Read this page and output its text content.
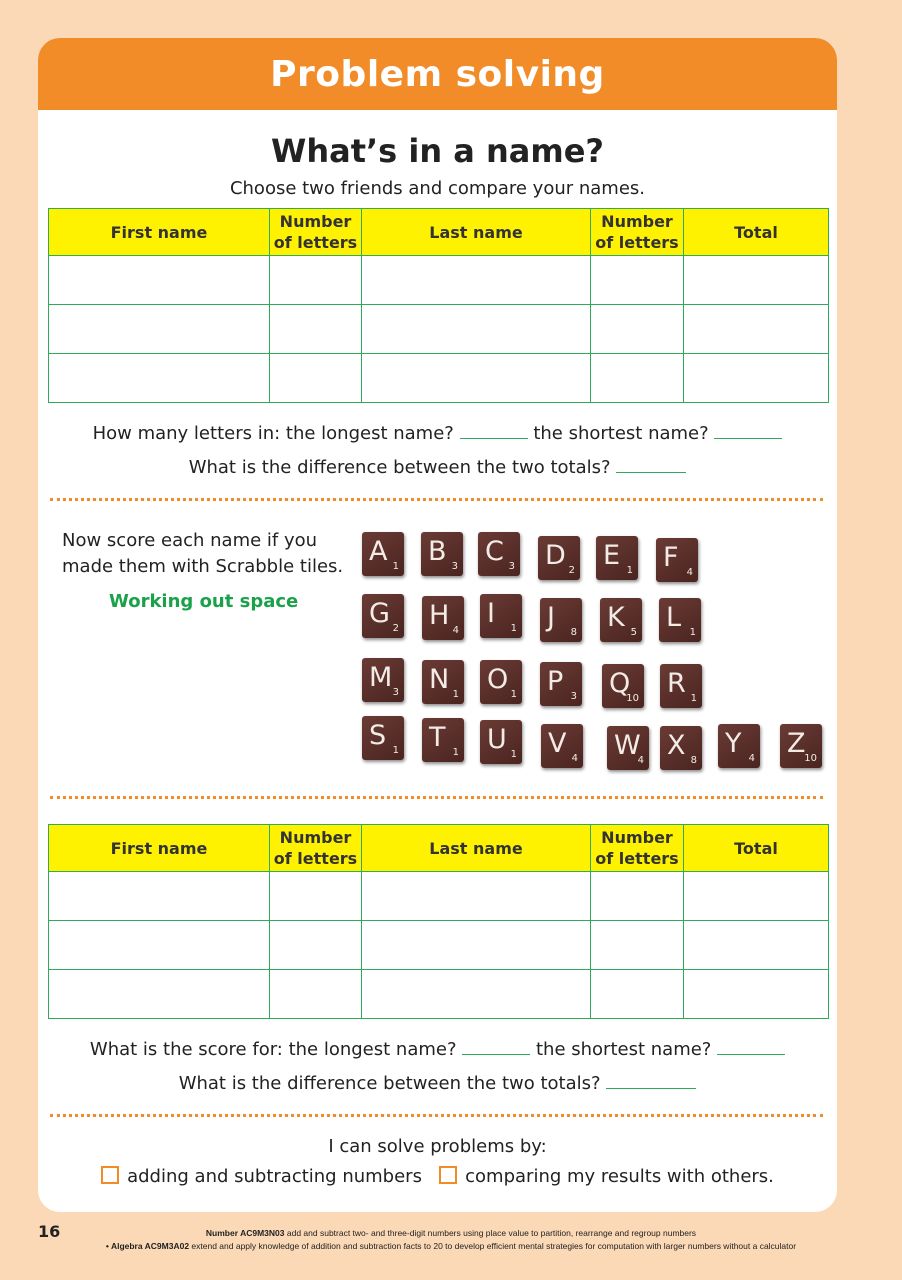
Problem solving
What’s in a name?
Choose two friends and compare your names.
First name	Number of letters	Last name	Number of letters	Total

How many letters in: the longest name?	the shortest name?
What is the difference between the two totals?
Now score each name if you made them with Scrabble tiles.
Working out space
A 1 B 3 C 3 D 2 E 1 F 4
G 2 H 4
I 1 J 8 K 5 L 1
M 3 N 1 O 1 P 3 Q
10 R 1
S 1 T 1 U 1 V 4 W
4 X 8
Y 4 Z
10
First name	Number of letters	Last name	Number of letters	Total

What is the score for: the longest name?	the shortest name?
What is the difference between the two totals?
I can solve problems by:
adding and subtracting numbers comparing my results with others.
16	Number AC9M3N03 add and subtract two- and three-digit numbers using place value to partition, rearrange and regroup numbers
• Algebra AC9M3A02 extend and apply knowledge of addition and subtraction facts to 20 to develop efficient mental strategies for computation with larger numbers without a calculator
